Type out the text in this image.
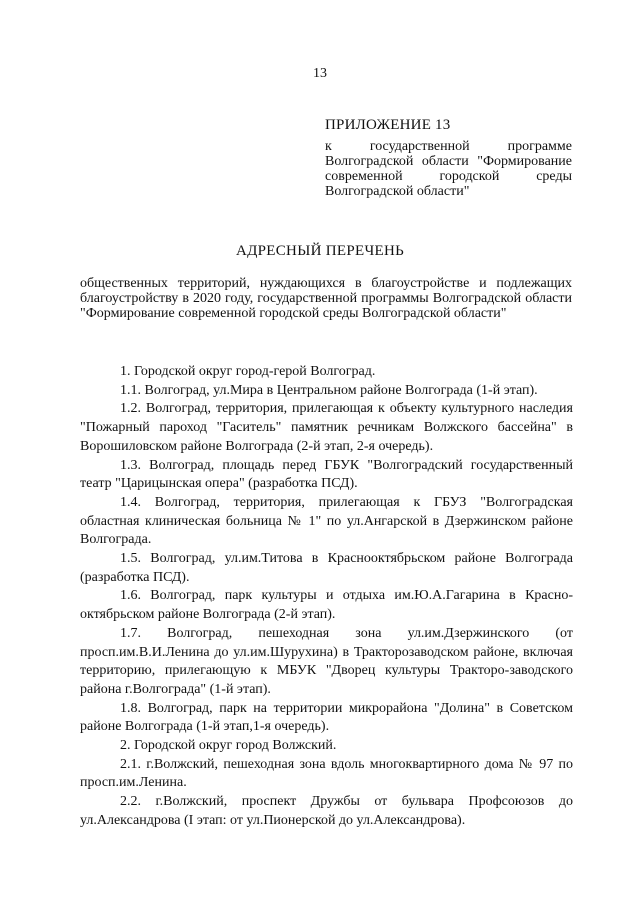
13
ПРИЛОЖЕНИЕ 13
к государственной программе Волгоградской области "Формирование современной городской среды Волгоградской области"
АДРЕСНЫЙ ПЕРЕЧЕНЬ
общественных территорий, нуждающихся в благоустройстве и подлежащих благоустройству в 2020 году, государственной программы Волгоградской области "Формирование современной городской среды Волгоградской области"

1. Городской округ город-герой Волгоград.

1.1. Волгоград, ул.Мира в Центральном районе Волгограда (1-й этап).

1.2. Волгоград, территория, прилегающая к объекту культурного наследия "Пожарный пароход "Гаситель" памятник речникам Волжского бассейна" в Ворошиловском районе Волгограда (2-й этап, 2-я очередь).

1.3. Волгоград, площадь перед ГБУК "Волгоградский государственный театр "Царицынская опера" (разработка ПСД).

1.4. Волгоград, территория, прилегающая к ГБУЗ "Волгоградская областная клиническая больница № 1" по ул.Ангарской в Дзержинском районе Волгограда.

1.5. Волгоград, ул.им.Титова в Краснооктябрьском районе Волгограда (разработка ПСД).

1.6. Волгоград, парк культуры и отдыха им.Ю.А.Гагарина в Красно-октябрьском районе Волгограда (2-й этап).

1.7. Волгоград, пешеходная зона ул.им.Дзержинского (от просп.им.В.И.Ленина до ул.им.Шурухина) в Тракторозаводском районе, включая территорию, прилегающую к МБУК "Дворец культуры Тракторо-заводского района г.Волгограда" (1-й этап).

1.8. Волгоград, парк на территории микрорайона "Долина" в Советском районе Волгограда (1-й этап,1-я очередь).

2. Городской округ город Волжский.

2.1. г.Волжский, пешеходная зона вдоль многоквартирного дома № 97 по просп.им.Ленина.

2.2. г.Волжский, проспект Дружбы от бульвара Профсоюзов до ул.Александрова (I этап: от ул.Пионерской до ул.Александрова).
